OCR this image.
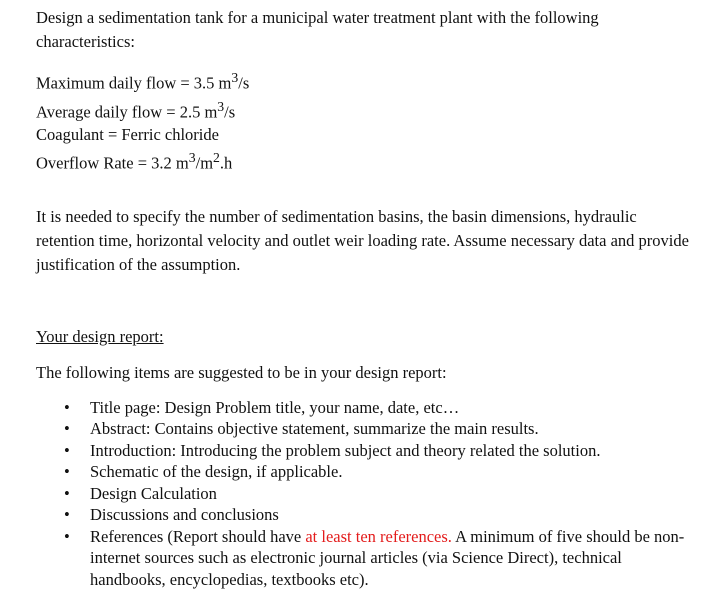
Design a sedimentation tank for a municipal water treatment plant with the following characteristics:

Maximum daily flow = 3.5 $m^3/s$
Average daily flow = 2.5 $m^3/s$
Coagulant = Ferric chloride
Overflow Rate = 3.2 $m^3/m^2.h$

It is needed to specify the number of sedimentation basins, the basin dimensions, hydraulic retention time, horizontal velocity and outlet weir loading rate. Assume necessary data and provide justification of the assumption.

Your design report:

The following items are suggested to be in your design report:

• Title page: Design Problem title, your name, date, etc…
• Abstract: Contains objective statement, summarize the main results.
• Introduction: Introducing the problem subject and theory related the solution.
• Schematic of the design, if applicable.
• Design Calculation
• Discussions and conclusions
• References (Report should have at least ten references. A minimum of five should be non-internet sources such as electronic journal articles (via Science Direct), technical handbooks, encyclopedias, textbooks etc).
